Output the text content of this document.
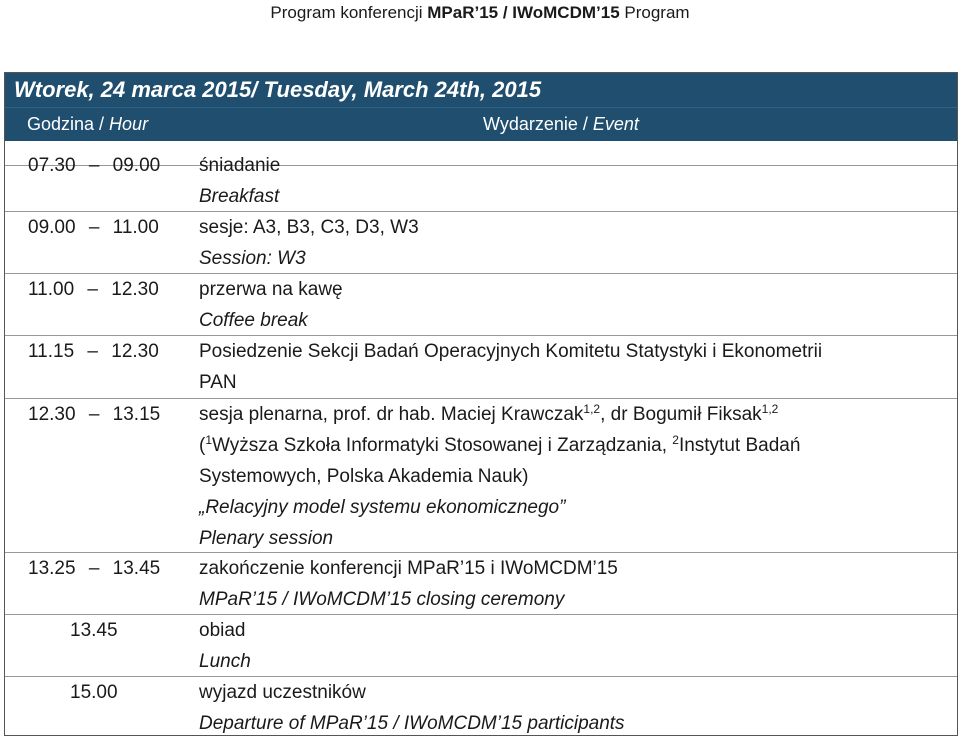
Program konferencji MPaR’15 / IWoMCDM’15 Program
Wtorek, 24 marca 2015/ Tuesday, March 24th, 2015
Godzina / Hour	Wydarzenie / Event
07.30 – 09.00 śniadanie
Breakfast
09.00 – 11.00 sesje: A3, B3, C3, D3, W3
Session: W3
11.00 – 12.30 przerwa na kawę
Coffee break
11.15 – 12.30 Posiedzenie Sekcji Badań Operacyjnych Komitetu Statystyki i Ekonometrii
PAN
12.30 – 13.15 sesja plenarna, prof. dr hab. Maciej Krawczak$^{1,2}$, dr Bogumił Fiksak$^{1,2}$
($^1$Wyższa Szkoła Informatyki Stosowanej i Zarządzania, $^2$Instytut Badań
Systemowych, Polska Akademia Nauk)
„Relacyjny model systemu ekonomicznego”
Plenary session
13.25 – 13.45 zakończenie konferencji MPaR’15 i IWoMCDM’15
MPaR’15 / IWoMCDM’15 closing ceremony
13.45	obiad
Lunch
15.00	wyjazd uczestników
Departure of MPaR’15 / IWoMCDM’15 participants
